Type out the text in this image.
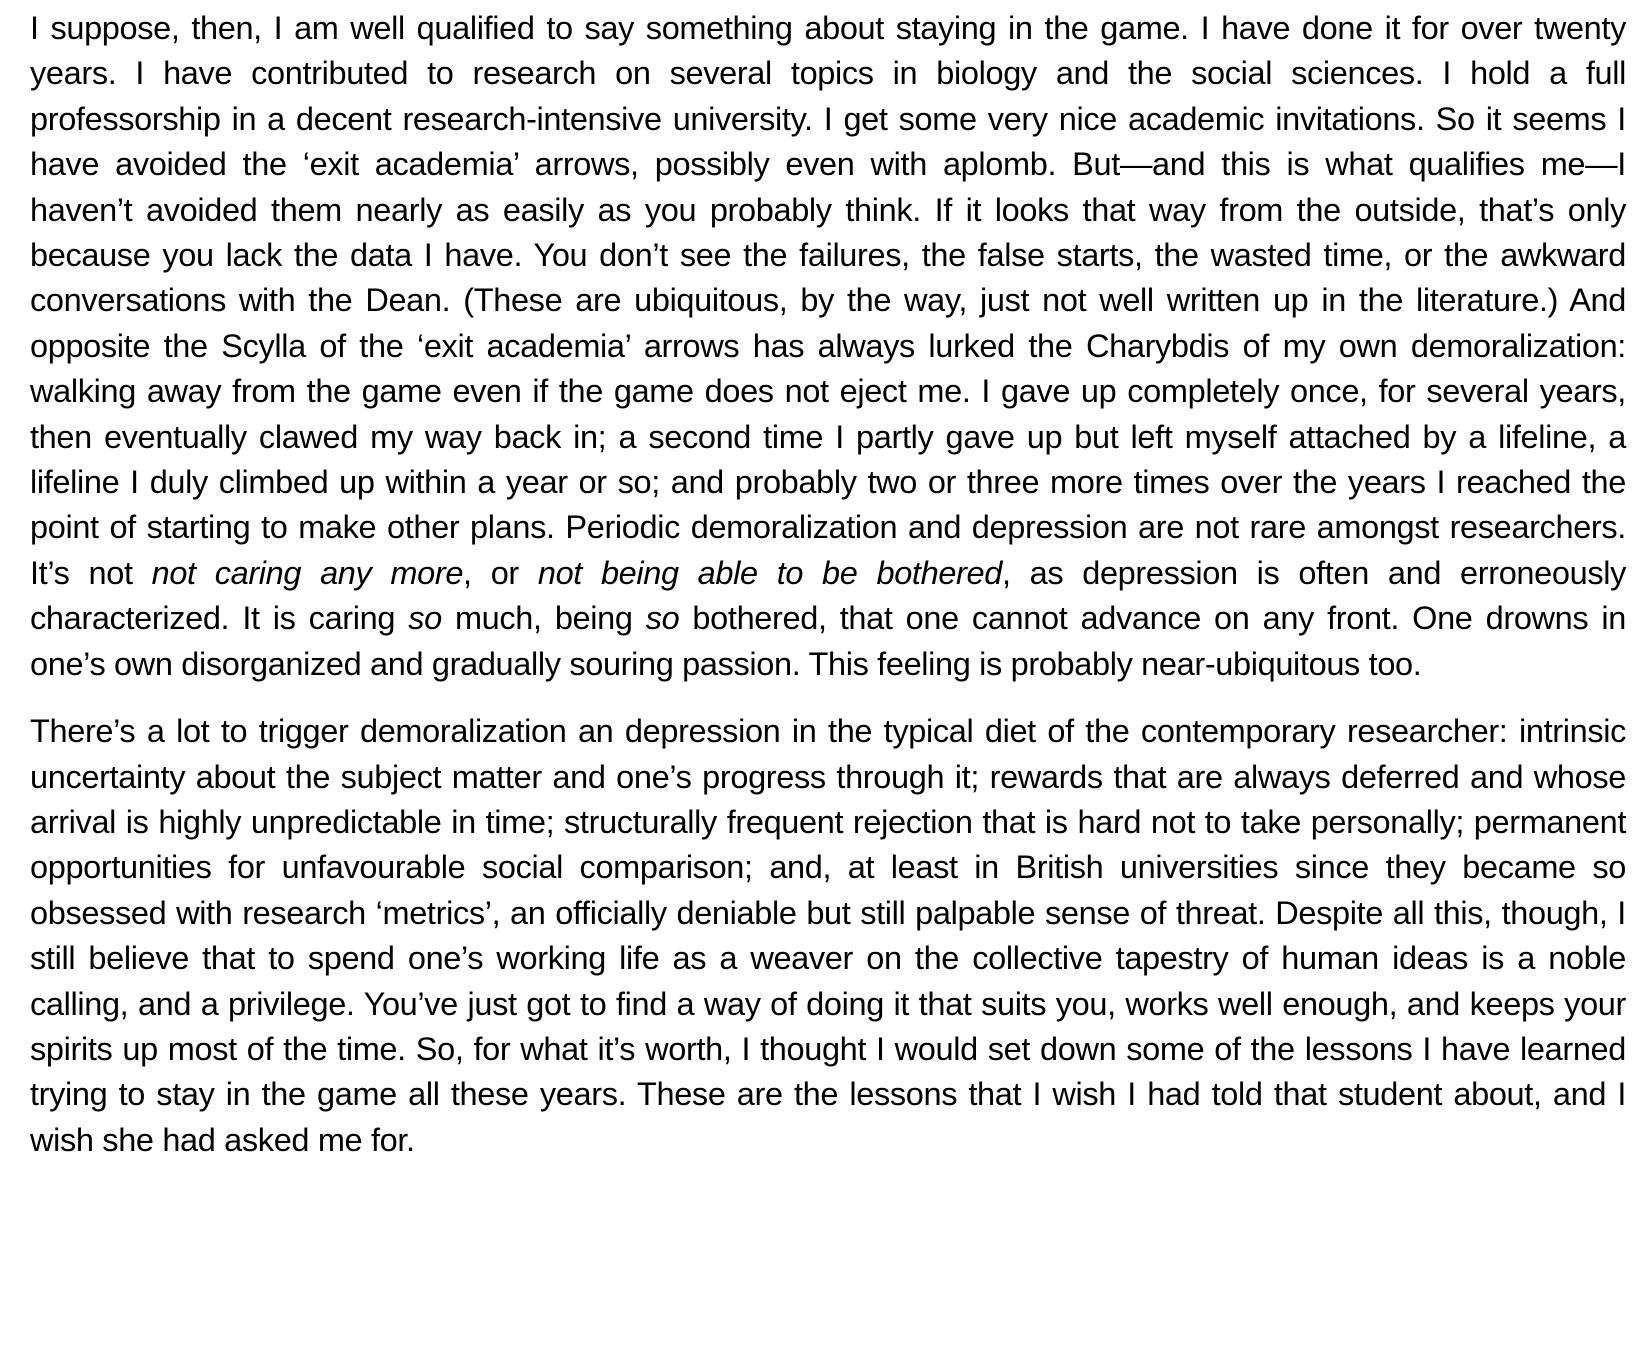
I suppose, then, I am well qualified to say something about staying in the game. I have done it for over twenty years. I have contributed to research on several topics in biology and the social sciences. I hold a full professorship in a decent research-intensive university. I get some very nice academic invitations. So it seems I have avoided the ‘exit academia’ arrows, possibly even with aplomb. But—and this is what qualifies me—I haven’t avoided them nearly as easily as you probably think. If it looks that way from the outside, that’s only because you lack the data I have. You don’t see the failures, the false starts, the wasted time, or the awkward conversations with the Dean. (These are ubiquitous, by the way, just not well written up in the literature.) And opposite the Scylla of the ‘exit academia’ arrows has always lurked the Charybdis of my own demoralization: walking away from the game even if the game does not eject me. I gave up completely once, for several years, then eventually clawed my way back in; a second time I partly gave up but left myself attached by a lifeline, a lifeline I duly climbed up within a year or so; and probably two or three more times over the years I reached the point of starting to make other plans. Periodic demoralization and depression are not rare amongst researchers. It’s not not caring any more, or not being able to be bothered, as depression is often and erroneously characterized. It is caring so much, being so bothered, that one cannot advance on any front. One drowns in one’s own disorganized and gradually souring passion. This feeling is probably near-ubiquitous too.

There’s a lot to trigger demoralization an depression in the typical diet of the contemporary researcher: intrinsic uncertainty about the subject matter and one’s progress through it; rewards that are always deferred and whose arrival is highly unpredictable in time; structurally frequent rejection that is hard not to take personally; permanent opportunities for unfavourable social comparison; and, at least in British universities since they became so obsessed with research ‘metrics’, an officially deniable but still palpable sense of threat. Despite all this, though, I still believe that to spend one’s working life as a weaver on the collective tapestry of human ideas is a noble calling, and a privilege. You’ve just got to find a way of doing it that suits you, works well enough, and keeps your spirits up most of the time. So, for what it’s worth, I thought I would set down some of the lessons I have learned trying to stay in the game all these years. These are the lessons that I wish I had told that student about, and I wish she had asked me for.
